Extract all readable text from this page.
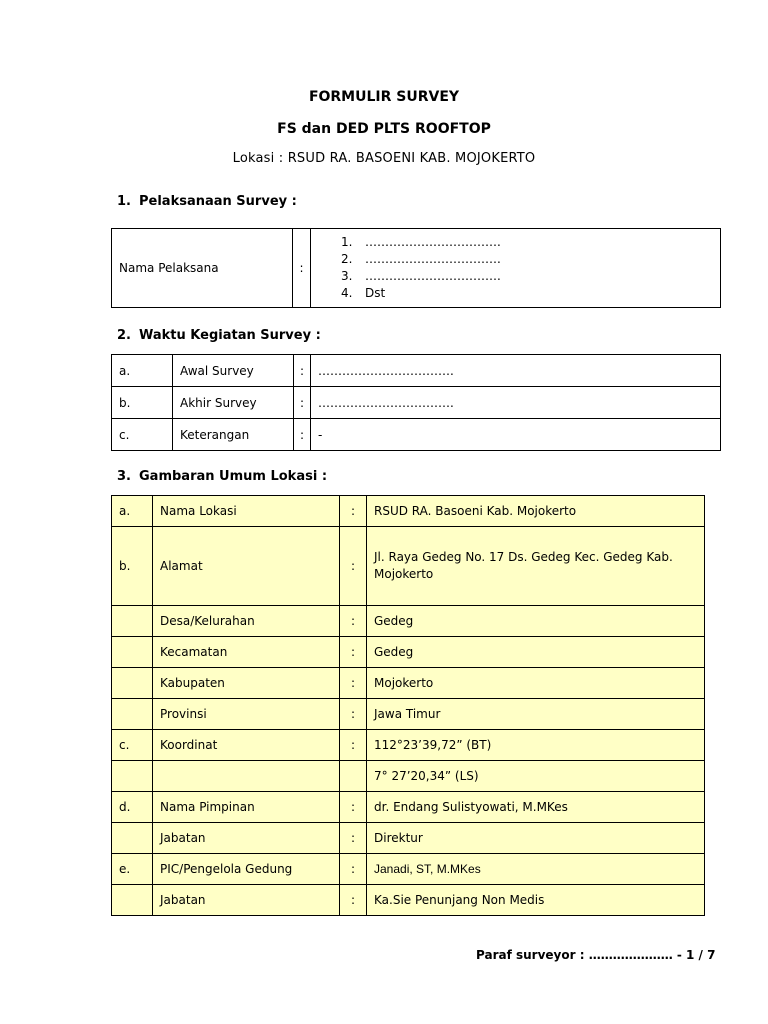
FORMULIR SURVEY
FS dan DED PLTS ROOFTOP
Lokasi : RSUD RA. BASOENI KAB. MOJOKERTO
1. Pelaksanaan Survey :
Nama Pelaksana	:	
1.	…………………………….
2.	…………………………….
3.	…………………………….
4.	Dst
2. Waktu Kegiatan Survey :
a.	Awal Survey	:	…………………………….
b.	Akhir Survey	:	…………………………….
c.	Keterangan	:	-
3. Gambaran Umum Lokasi :
a.	Nama Lokasi	:	RSUD RA. Basoeni Kab. Mojokerto
b.	Alamat	:	Jl. Raya Gedeg No. 17 Ds. Gedeg Kec. Gedeg Kab. Mojokerto
	Desa/Kelurahan	:	Gedeg
	Kecamatan	:	Gedeg
	Kabupaten	:	Mojokerto
	Provinsi	:	Jawa Timur
c.	Koordinat	:	112°23’39,72” (BT)
			7° 27’20,34” (LS)
d.	Nama Pimpinan	:	dr. Endang Sulistyowati, M.MKes
	Jabatan	:	Direktur
e.	PIC/Pengelola Gedung	:	Janadi, ST, M.MKes
	Jabatan	:	Ka.Sie Penunjang Non Medis
Paraf surveyor : ………………… - 1 / 7
